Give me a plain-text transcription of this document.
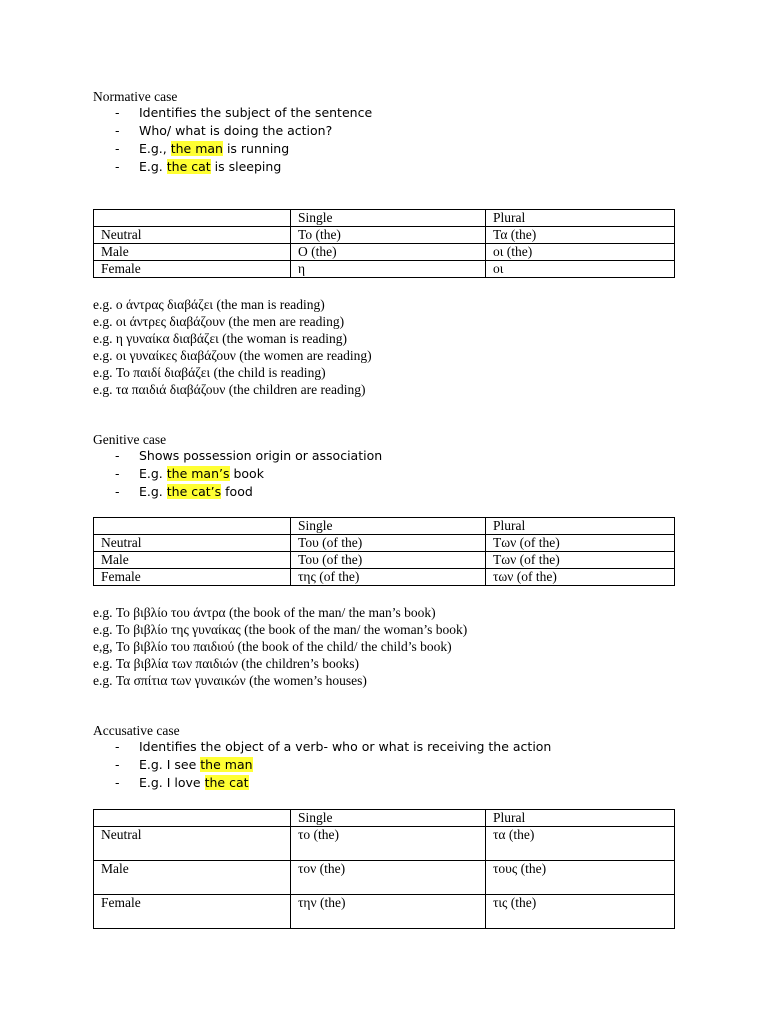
Normative case
- Identifies the subject of the sentence
- Who/ what is doing the action?
- E.g., the man is running
- E.g. the cat is sleeping
	Single	Plural
Neutral	Το (the)	Τα (the)
Male	Ο (the)	οι (the)
Female	η	οι
e.g. ο άντρας διαβάζει (the man is reading)
e.g. οι άντρες διαβάζουν (the men are reading)
e.g. η γυναίκα διαβάζει (the woman is reading)
e.g. οι γυναίκες διαβάζουν (the women are reading)
e.g. Το παιδί διαβάζει (the child is reading)
e.g. τα παιδιά διαβάζουν (the children are reading)
Genitive case
- Shows possession origin or association
- E.g. the man’s book
- E.g. the cat’s food
	Single	Plural
Neutral	Του (of the)	Των (of the)
Male	Του (of the)	Των (of the)
Female	της (of the)	των (of the)
e.g. Το βιβλίο του άντρα (the book of the man/ the man’s book)
e.g. Το βιβλίο της γυναίκας (the book of the man/ the woman’s book)
e,g, Το βιβλίο του παιδιού (the book of the child/ the child’s book)
e.g. Τα βιβλία των παιδιών (the children’s books)
e.g. Τα σπίτια των γυναικών (the women’s houses)
Accusative case
- Identifies the object of a verb- who or what is receiving the action
- E.g. I see the man
- E.g. I love the cat
	Single	Plural
Neutral	το (the)	τα (the)
Male	τον (the)	τους (the)
Female	την (the)	τις (the)
